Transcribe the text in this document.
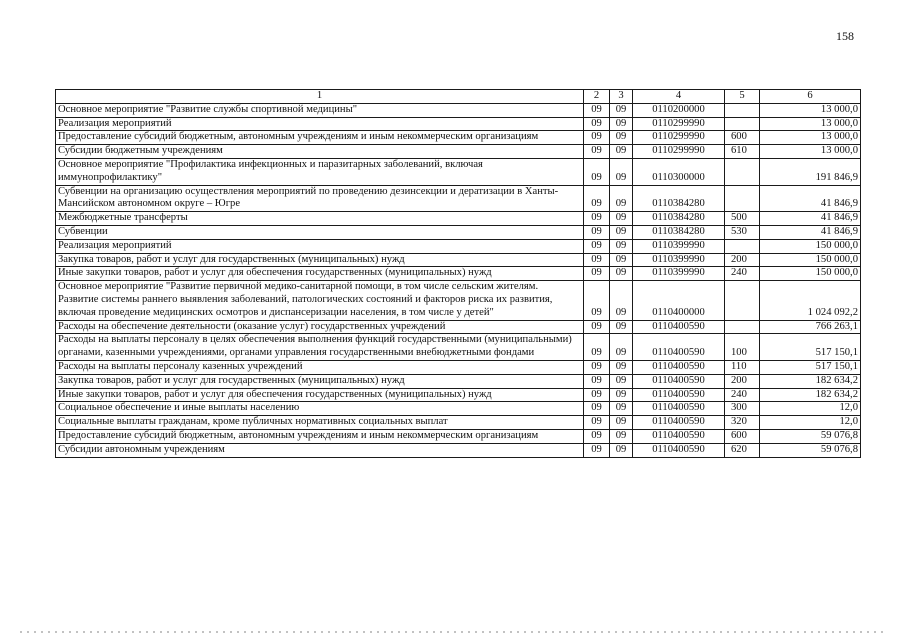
158
1	2	3	4	5	6
Основное мероприятие "Развитие службы спортивной медицины"	09	09	0110200000		13 000,0
Реализация мероприятий	09	09	0110299990		13 000,0
Предоставление субсидий бюджетным, автономным учреждениям и иным некоммерческим организациям	09	09	0110299990	600	13 000,0
Субсидии бюджетным учреждениям	09	09	0110299990	610	13 000,0
Основное мероприятие "Профилактика инфекционных и паразитарных заболеваний, включая иммунопрофилактику"	09	09	0110300000		191 846,9
Субвенции на организацию осуществления мероприятий по проведению дезинсекции и дератизации в Ханты-Мансийском автономном округе – Югре	09	09	0110384280		41 846,9
Межбюджетные трансферты	09	09	0110384280	500	41 846,9
Субвенции	09	09	0110384280	530	41 846,9
Реализация мероприятий	09	09	0110399990		150 000,0
Закупка товаров, работ и услуг для государственных (муниципальных) нужд	09	09	0110399990	200	150 000,0
Иные закупки товаров, работ и услуг для обеспечения государственных (муниципальных) нужд	09	09	0110399990	240	150 000,0
Основное мероприятие "Развитие первичной медико-санитарной помощи, в том числе сельским жителям. Развитие системы раннего выявления заболеваний, патологических состояний и факторов риска их развития, включая проведение медицинских осмотров и диспансеризации населения, в том числе у детей"	09	09	0110400000		1 024 092,2
Расходы на обеспечение деятельности (оказание услуг) государственных учреждений	09	09	0110400590		766 263,1
Расходы на выплаты персоналу в целях обеспечения выполнения функций государственными (муниципальными) органами, казенными учреждениями, органами управления государственными внебюджетными фондами	09	09	0110400590	100	517 150,1
Расходы на выплаты персоналу казенных учреждений	09	09	0110400590	110	517 150,1
Закупка товаров, работ и услуг для государственных (муниципальных) нужд	09	09	0110400590	200	182 634,2
Иные закупки товаров, работ и услуг для обеспечения государственных (муниципальных) нужд	09	09	0110400590	240	182 634,2
Социальное обеспечение и иные выплаты населению	09	09	0110400590	300	12,0
Социальные выплаты гражданам, кроме публичных нормативных социальных выплат	09	09	0110400590	320	12,0
Предоставление субсидий бюджетным, автономным учреждениям и иным некоммерческим организациям	09	09	0110400590	600	59 076,8
Субсидии автономным учреждениям	09	09	0110400590	620	59 076,8
